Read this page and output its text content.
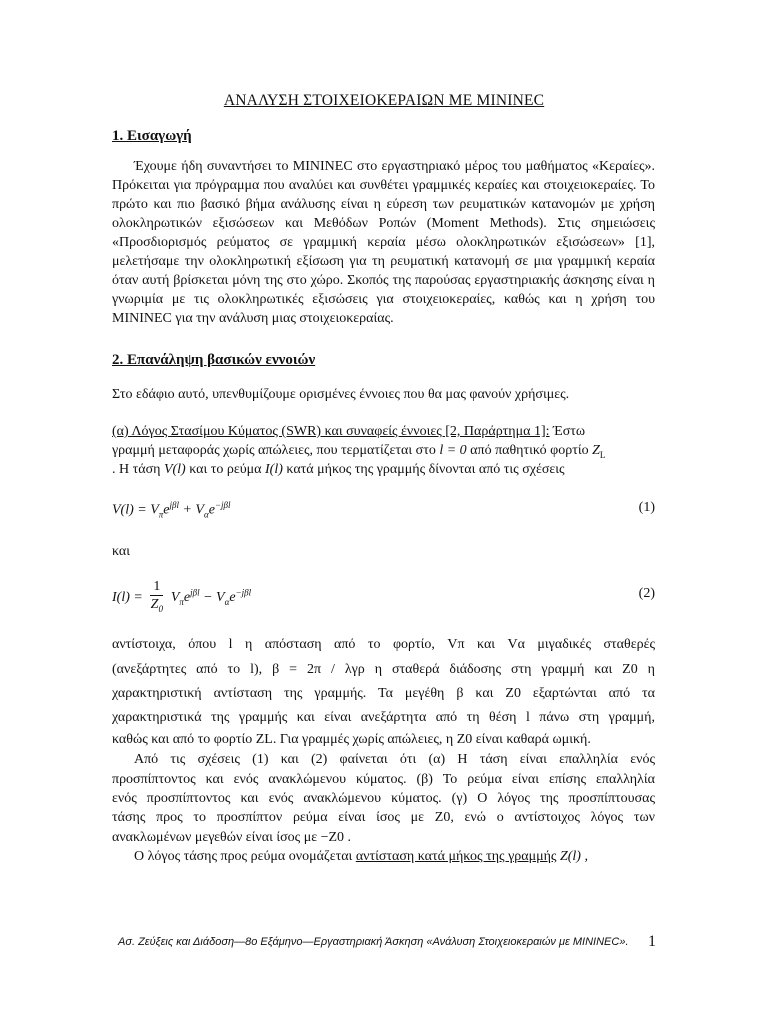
ΑΝΑΛΥΣΗ ΣΤΟΙΧΕΙΟΚΕΡΑΙΩΝ ΜΕ MININEC
1. Εισαγωγή
Έχουμε ήδη συναντήσει το MININEC στο εργαστηριακό μέρος του μαθήματος «Κεραίες». Πρόκειται για πρόγραμμα που αναλύει και συνθέτει γραμμικές κεραίες και στοιχειοκεραίες. Το πρώτο και πιο βασικό βήμα ανάλυσης είναι η εύρεση των ρευματικών κατανομών με χρήση ολοκληρωτικών εξισώσεων και Μεθόδων Ροπών (Moment Methods). Στις σημειώσεις «Προσδιορισμός ρεύματος σε γραμμική κεραία μέσω ολοκληρωτικών εξισώσεων» [1], μελετήσαμε την ολοκληρωτική εξίσωση για τη ρευματική κατανομή σε μια γραμμική κεραία όταν αυτή βρίσκεται μόνη της στο χώρο. Σκοπός της παρούσας εργαστηριακής άσκησης είναι η γνωριμία με τις ολοκληρωτικές εξισώσεις για στοιχειοκεραίες, καθώς και η χρήση του MININEC για την ανάλυση μιας στοιχειοκεραίας.
2. Επανάληψη βασικών εννοιών
Στο εδάφιο αυτό, υπενθυμίζουμε ορισμένες έννοιες που θα μας φανούν χρήσιμες.
(α) Λόγος Στασίμου Κύματος (SWR) και συναφείς έννοιες [2, Παράρτημα 1]: Έστω
γραμμή μεταφοράς χωρίς απώλειες, που τερματίζεται στο l = 0 από παθητικό φορτίο $Z_L$
. Η τάση V(l) και το ρεύμα I(l) κατά μήκος της γραμμής δίνονται από τις σχέσεις
$V(l) = V_\pi e^{j\beta l} + V_\alpha e^{-j\beta l}$	(1)
και
$I(l) = \frac{1}{Z_0} V_\pi e^{j\beta l} - V_\alpha e^{-j\beta l}$	(2)
αντίστοιχα, όπου l η απόσταση από το φορτίο, Vπ και Vα μιγαδικές σταθερές
(ανεξάρτητες από το l), β = 2π / λγρ η σταθερά διάδοσης στη γραμμή και Z0 η
χαρακτηριστική αντίσταση της γραμμής. Τα μεγέθη β και Z0 εξαρτώνται από τα
χαρακτηριστικά της γραμμής και είναι ανεξάρτητα από τη θέση l πάνω στη γραμμή,
καθώς και από το φορτίο ZL. Για γραμμές χωρίς απώλειες, η Z0 είναι καθαρά ωμική.
Από τις σχέσεις (1) και (2) φαίνεται ότι (α) Η τάση είναι επαλληλία ενός
προσπίπτοντος και ενός ανακλώμενου κύματος. (β) Το ρεύμα είναι επίσης επαλληλία
ενός προσπίπτοντος και ενός ανακλώμενου κύματος. (γ) Ο λόγος της προσπίπτουσας
τάσης προς το προσπίπτον ρεύμα είναι ίσος με Z0, ενώ ο αντίστοιχος λόγος των
ανακλωμένων μεγεθών είναι ίσος με −Z0 .
Ο λόγος τάσης προς ρεύμα ονομάζεται αντίσταση κατά μήκος της γραμμής Z(l) ,
Ασ. Ζεύξεις και Διάδοση—8ο Εξάμηνο—Εργαστηριακή Άσκηση «Ανάλυση Στοιχειοκεραιών με MININEC».	1
